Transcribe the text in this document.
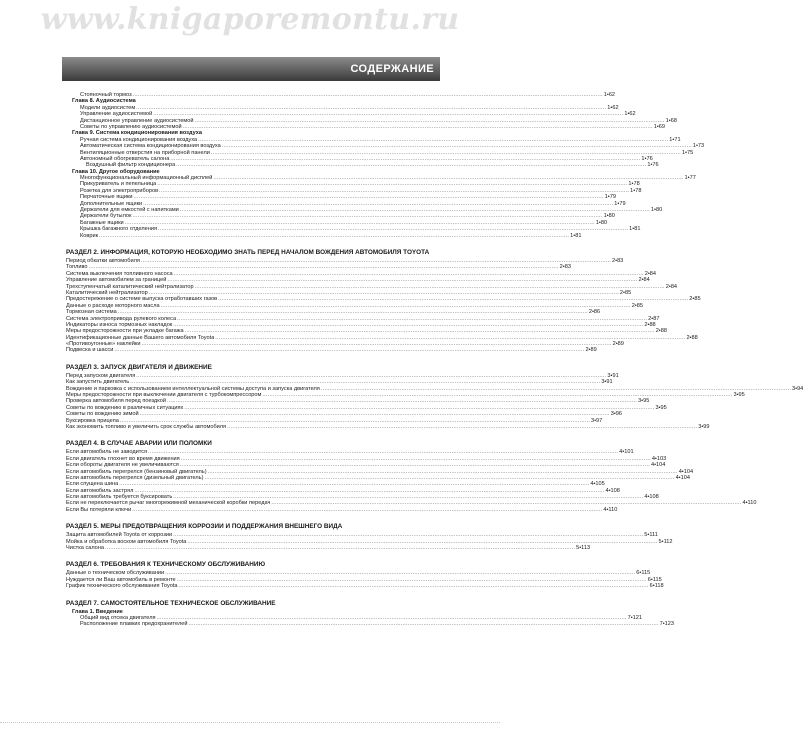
www.knigaporemontu.ru
СОДЕРЖАНИЕ
Стояночный тормоз .....	1•62
Глава 8. Аудиосистема
Модели аудиосистем .....	1•62
Управление аудиосистемой .....	1•62
Дистанционное управление аудиосистемой .....	1•68
Советы по управлению аудиосистемой .....	1•69
Глава 9. Система кондиционирования воздуха
Ручная система кондиционирования воздуха .....	1•71
Автоматическая система кондиционирования воздуха .....	1•73
Вентиляционные отверстия на приборной панели .....	1•75
Автономный обогреватель салона .....	1•76
Воздушный фильтр кондиционера .....	1•76
Глава 10. Другое оборудование
Многофункциональный информационный дисплей .....	1•77
Прикуриватель и пепельница .....	1•78
Розетка для электроприборов .....	1•78
Перчаточные ящики .....	1•79
Дополнительные ящики .....	1•79
Держатели для емкостей с напитками .....	1•80
Держатели бутылок .....	1•80
Багажные ящики .....	1•80
Крышка багажного отделения .....	1•81
Коврик .....	1•81
РАЗДЕЛ 2. ИНФОРМАЦИЯ, КОТОРУЮ НЕОБХОДИМО ЗНАТЬ ПЕРЕД НАЧАЛОМ ВОЖДЕНИЯ АВТОМОБИЛЯ TOYOTA
Период обкатки автомобиля .....	2•83
Топливо .....	2•83
Система выключения топливного насоса .....	2•84
Управление автомобилем за границей .....	2•84
Трехступенчатый каталитический нейтрализатор .....	2•84
Каталитический нейтрализатор .....	2•85
Предостережение о системе выпуска отработавших газов .....	2•85
Данные о расходе моторного масла .....	2•85
Тормозная система .....	2•86
Система электропривода рулевого колеса .....	2•87
Индикаторы износа тормозных накладок .....	2•88
Меры предосторожности при укладке багажа .....	2•88
Идентификационные данные Вашего автомобиля Toyota .....	2•88
«Противоугонные» наклейки .....	2•89
Подвеска и шасси .....	2•89
РАЗДЕЛ 3. ЗАПУСК ДВИГАТЕЛЯ И ДВИЖЕНИЕ
Перед запуском двигателя .....	3•91
Как запустить двигатель .....	3•91
Вождение и парковка с использованием интеллектуальной системы доступа и запуска двигателя .....	3•94
Меры предосторожности при выключении двигателя с турбокомпрессором .....	3•95
Проверка автомобиля перед поездкой .....	3•95
Советы по вождению в различных ситуациях .....	3•95
Советы по вождению зимой .....	3•96
Буксировка прицепа .....	3•97
Как экономить топливо и увеличить срок службы автомобиля .....	3•99
РАЗДЕЛ 4. В СЛУЧАЕ АВАРИИ ИЛИ ПОЛОМКИ
Если автомобиль не заводится .....	4•101
Если двигатель глохнет во время движения .....	4•103
Если обороты двигателя не увеличиваются .....	4•104
Если автомобиль перегрелся (бензиновый двигатель) .....	4•104
Если автомобиль перегрелся (дизельный двигатель) .....	4•104
Если спущена шина .....	4•105
Если автомобиль застрял .....	4•108
Если автомобиль требуется буксировать .....	4•108
Если не переключается рычаг многорежимной механической коробки передач .....	4•110
Если Вы потеряли ключи .....	4•110
РАЗДЕЛ 5. МЕРЫ ПРЕДОТВРАЩЕНИЯ КОРРОЗИИ И ПОДДЕРЖАНИЯ ВНЕШНЕГО ВИДА
Защита автомобилей Toyota от коррозии .....	5•111
Мойка и обработка воском автомобиля Toyota .....	5•112
Чистка салона .....	5•113
РАЗДЕЛ 6. ТРЕБОВАНИЯ К ТЕХНИЧЕСКОМУ ОБСЛУЖИВАНИЮ
Данные о техническом обслуживании .....	6•115
Нуждается ли Ваш автомобиль в ремонте .....	6•115
График технического обслуживания Toyota .....	6•118
РАЗДЕЛ 7. САМОСТОЯТЕЛЬНОЕ ТЕХНИЧЕСКОЕ ОБСЛУЖИВАНИЕ
Глава 1. Введение
Общий вид отсека двигателя .....	7•121
Расположение плавких предохранителей .....	7•123
